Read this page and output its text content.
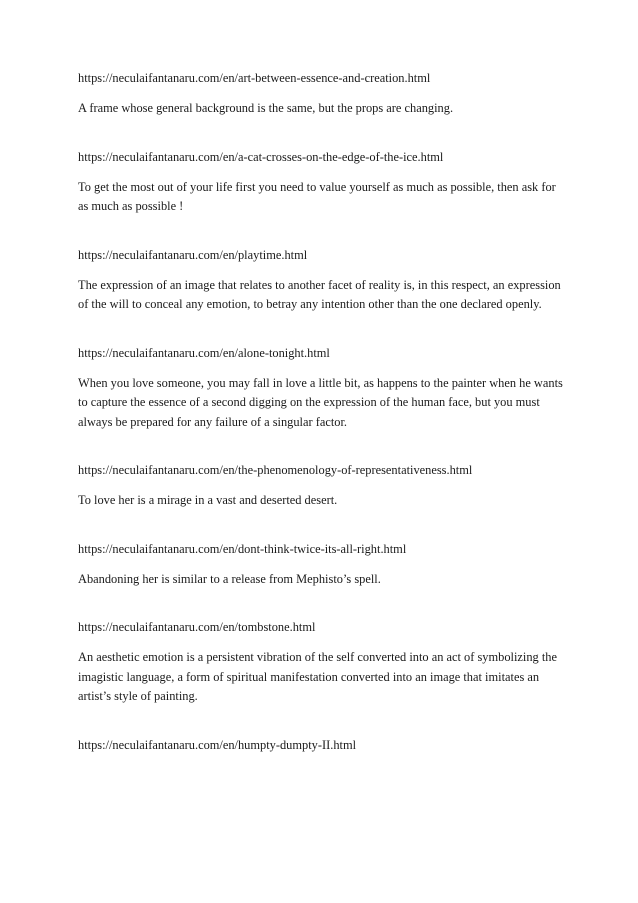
https://neculaifantanaru.com/en/art-between-essence-and-creation.html

A frame whose general background is the same, but the props are changing.

https://neculaifantanaru.com/en/a-cat-crosses-on-the-edge-of-the-ice.html

To get the most out of your life first you need to value yourself as much as possible, then ask for as much as possible !

https://neculaifantanaru.com/en/playtime.html

The expression of an image that relates to another facet of reality is, in this respect, an expression of the will to conceal any emotion, to betray any intention other than the one declared openly.

https://neculaifantanaru.com/en/alone-tonight.html

When you love someone, you may fall in love a little bit, as happens to the painter when he wants to capture the essence of a second digging on the expression of the human face, but you must always be prepared for any failure of a singular factor.

https://neculaifantanaru.com/en/the-phenomenology-of-representativeness.html

To love her is a mirage in a vast and deserted desert.

https://neculaifantanaru.com/en/dont-think-twice-its-all-right.html

Abandoning her is similar to a release from Mephisto’s spell.

https://neculaifantanaru.com/en/tombstone.html

An aesthetic emotion is a persistent vibration of the self converted into an act of symbolizing the imagistic language, a form of spiritual manifestation converted into an image that imitates an artist’s style of painting.

https://neculaifantanaru.com/en/humpty-dumpty-II.html
